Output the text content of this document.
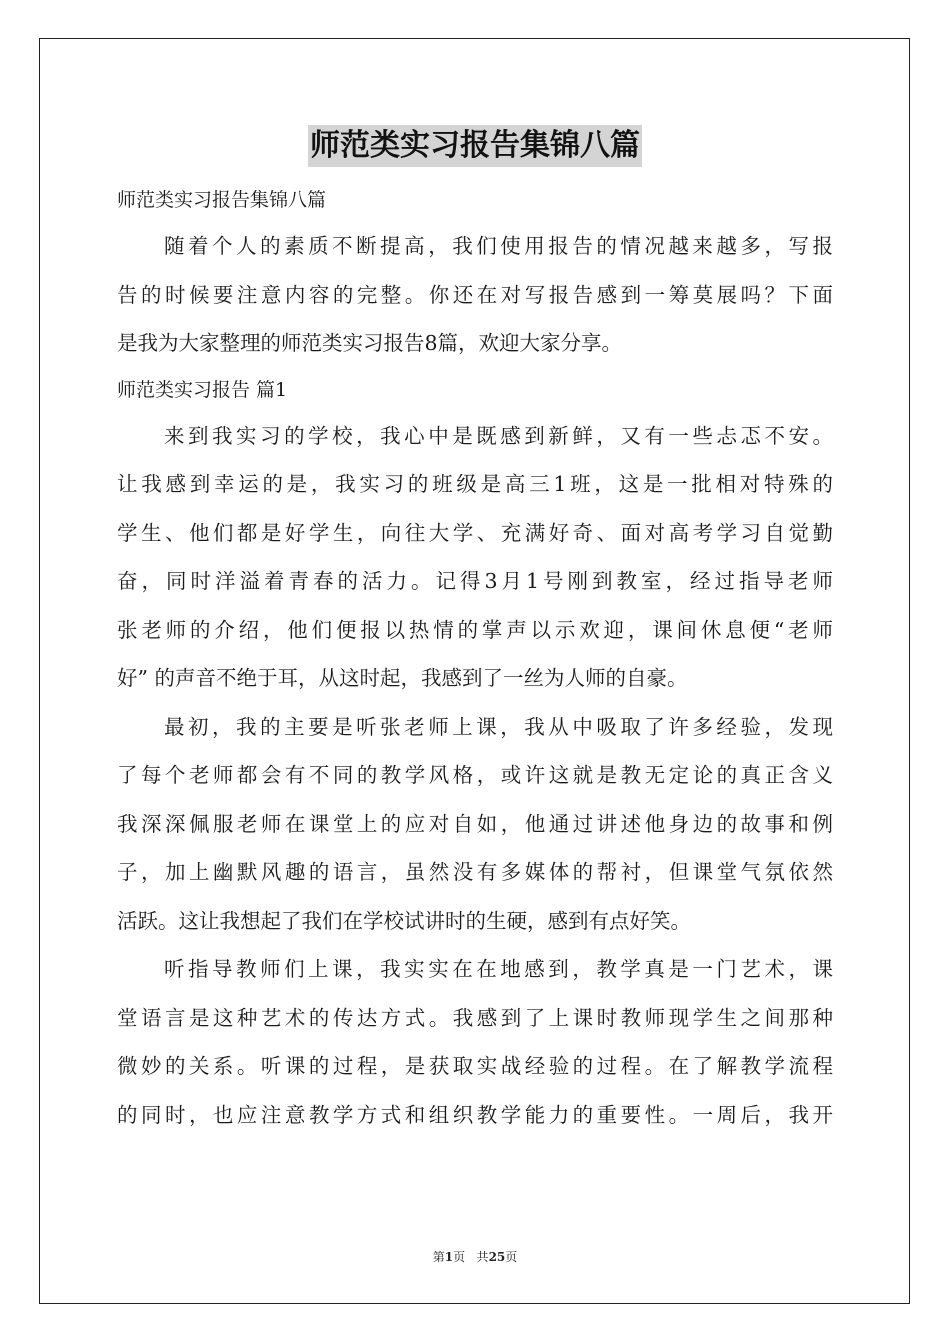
师范类实习报告集锦八篇

师范类实习报告集锦八篇

随着个人的素质不断提高，我们使用报告的情况越来越多，写报

告的时候要注意内容的完整。你还在对写报告感到一筹莫展吗？下面

是我为大家整理的师范类实习报告8篇，欢迎大家分享。

师范类实习报告 篇1

来到我实习的学校，我心中是既感到新鲜，又有一些忐忑不安。

让我感到幸运的是，我实习的班级是高三1班，这是一批相对特殊的

学生、他们都是好学生，向往大学、充满好奇、面对高考学习自觉勤

奋，同时洋溢着青春的活力。记得3月1号刚到教室，经过指导老师

张老师的介绍，他们便报以热情的掌声以示欢迎，课间休息便“老师

好” 的声音不绝于耳，从这时起，我感到了一丝为人师的自豪。

最初，我的主要是听张老师上课，我从中吸取了许多经验，发现

了每个老师都会有不同的教学风格，或许这就是教无定论的真正含义

我深深佩服老师在课堂上的应对自如，他通过讲述他身边的故事和例

子，加上幽默风趣的语言，虽然没有多媒体的帮衬，但课堂气氛依然

活跃。这让我想起了我们在学校试讲时的生硬，感到有点好笑。

听指导教师们上课，我实实在在地感到，教学真是一门艺术，课

堂语言是这种艺术的传达方式。我感到了上课时教师现学生之间那种

微妙的关系。听课的过程，是获取实战经验的过程。在了解教学流程

的同时，也应注意教学方式和组织教学能力的重要性。一周后，我开

第1页 共25页
